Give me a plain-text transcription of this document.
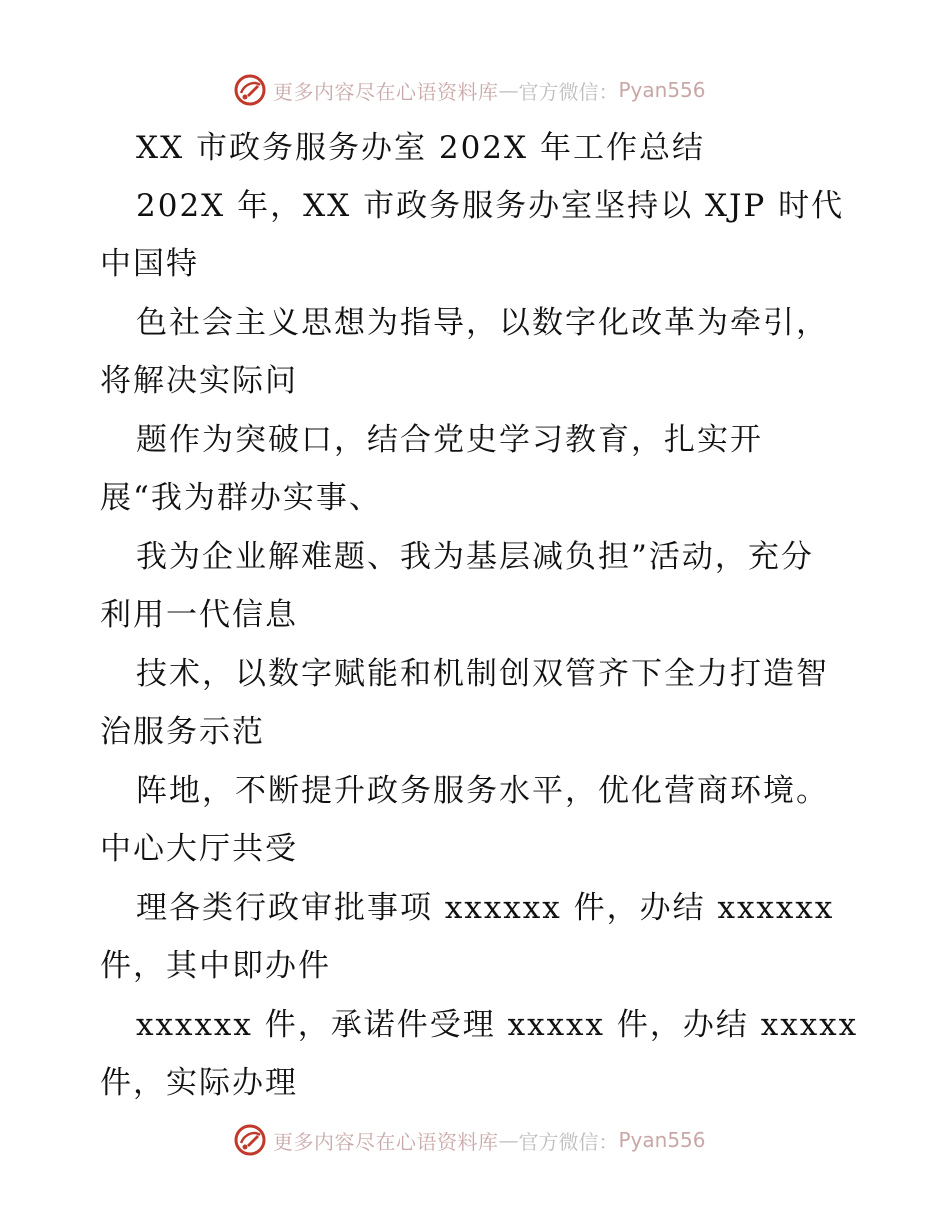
更多内容尽在心语资料库 — 官方微信： Pyan556
XX 市政务服务办室 202X 年工作总结
202X 年，XX 市政务服务办室坚持以 XJP 时代
中国特
色社会主义思想为指导，以数字化改革为牵引，
将解决实际问
题作为突破口，结合党史学习教育，扎实开
展“我为群办实事、
我为企业解难题、我为基层减负担”活动，充分
利用一代信息
技术，以数字赋能和机制创双管齐下全力打造智
治服务示范
阵地，不断提升政务服务水平，优化营商环境。
中心大厅共受
理各类行政审批事项 xxxxxx 件，办结 xxxxxx
件，其中即办件
xxxxxx 件，承诺件受理 xxxxx 件，办结 xxxxx
件，实际办理
更多内容尽在心语资料库 — 官方微信： Pyan556
